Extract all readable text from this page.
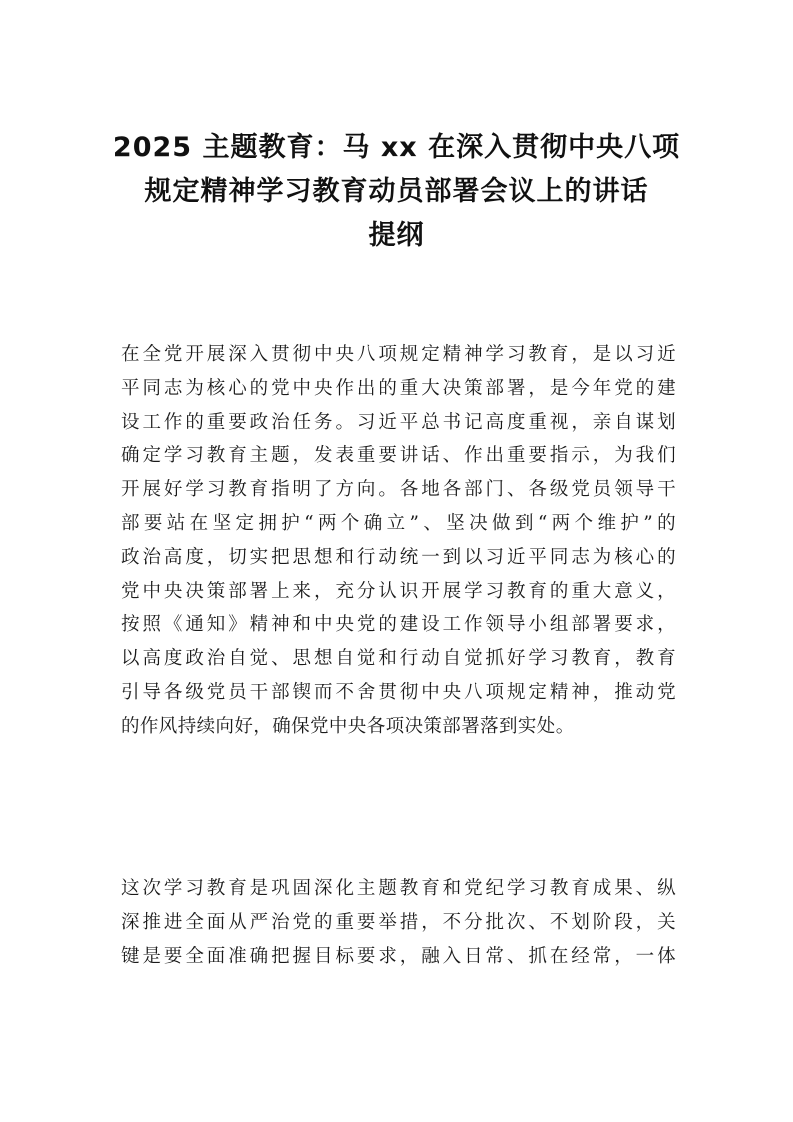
2025 主题教育：马 xx 在深入贯彻中央八项
规定精神学习教育动员部署会议上的讲话
提纲

在全党开展深入贯彻中央八项规定精神学习教育，是以习近
平同志为核心的党中央作出的重大决策部署，是今年党的建
设工作的重要政治任务。习近平总书记高度重视，亲自谋划
确定学习教育主题，发表重要讲话、作出重要指示，为我们
开展好学习教育指明了方向。各地各部门、各级党员领导干
部要站在坚定拥护“两个确立”、坚决做到“两个维护”的
政治高度，切实把思想和行动统一到以习近平同志为核心的
党中央决策部署上来，充分认识开展学习教育的重大意义，
按照《通知》精神和中央党的建设工作领导小组部署要求，
以高度政治自觉、思想自觉和行动自觉抓好学习教育，教育
引导各级党员干部锲而不舍贯彻中央八项规定精神，推动党
的作风持续向好，确保党中央各项决策部署落到实处。

这次学习教育是巩固深化主题教育和党纪学习教育成果、纵
深推进全面从严治党的重要举措，不分批次、不划阶段，关
键是要全面准确把握目标要求，融入日常、抓在经常，一体
